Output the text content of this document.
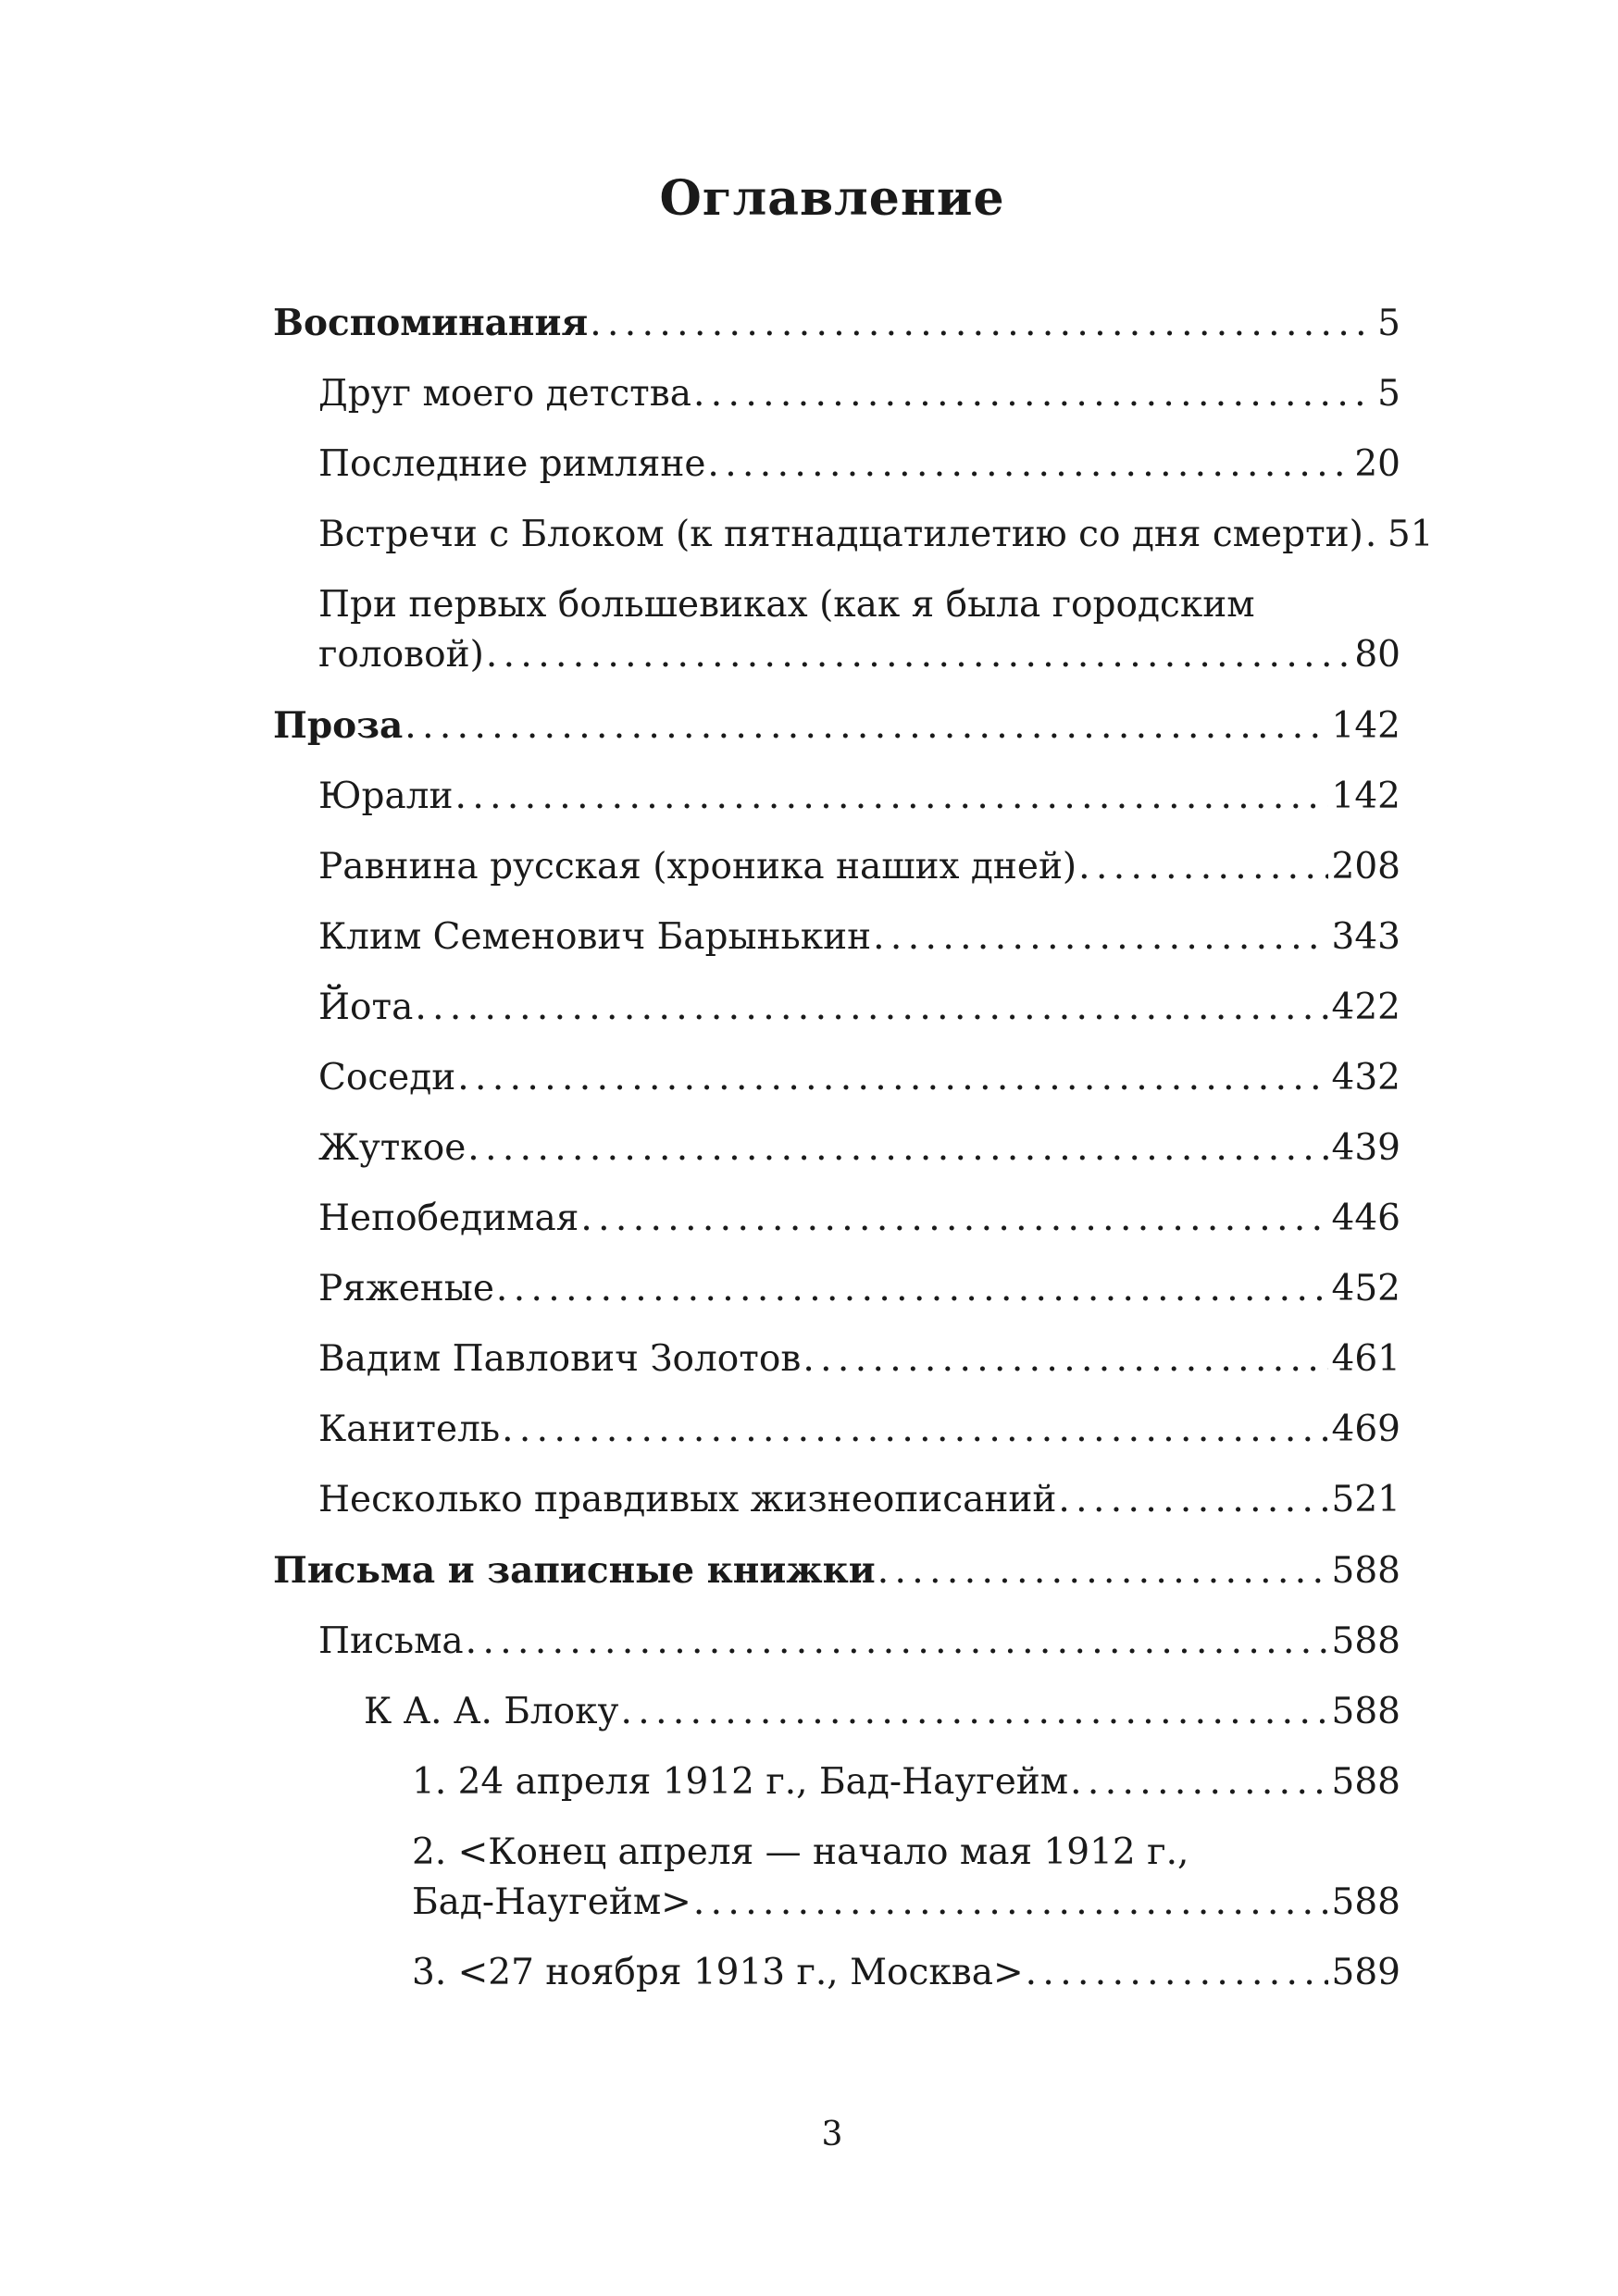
Оглавление
Воспоминания . . .	5
Друг моего детства . . .	5
Последние римляне . . .	20
Встречи с Блоком (к пятнадцатилетию со дня смерти) . . . 51
При первых большевиках (как я была городским
головой) . . .	80
Проза . . .	142
Юрали . . .	142
Равнина русская (хроника наших дней) . . .	208
Клим Семенович Барынькин . . .	343
Йота . . .	422
Соседи . . .	432
Жуткое . . .	439
Непобедимая . . .	446
Ряженые . . .	452
Вадим Павлович Золотов . . .	461
Канитель . . .	469
Несколько правдивых жизнеописаний . . .	521
Письма и записные книжки . . .	588
Письма . . .	588
К А. А. Блоку . . .	588
1. 24 апреля 1912 г., Бад-Наугейм . . .	588
2. <Конец апреля — начало мая 1912 г.,
Бад-Наугейм> . . .	588
3. <27 ноября 1913 г., Москва> . . .	589
3
